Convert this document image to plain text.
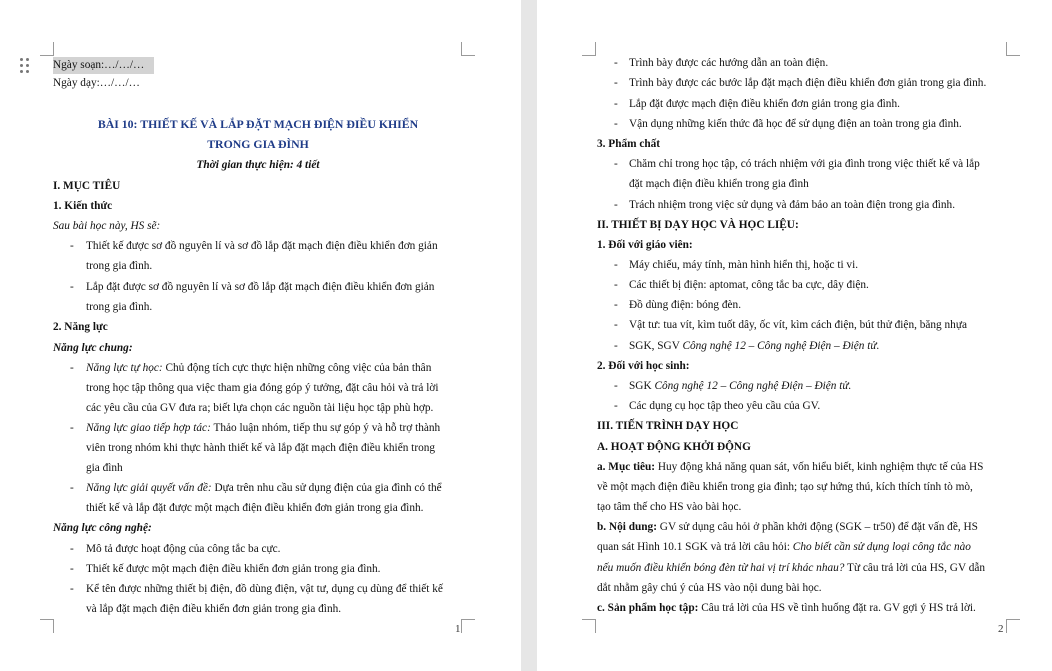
Ngày soạn:…/…/…
Ngày dạy:…/…/…
BÀI 10: THIẾT KẾ VÀ LẮP ĐẶT MẠCH ĐIỆN ĐIỀU KHIỂN
TRONG GIA ĐÌNH
Thời gian thực hiện: 4 tiết
I. MỤC TIÊU
1. Kiến thức
Sau bài học này, HS sẽ:
- Thiết kế được sơ đồ nguyên lí và sơ đồ lắp đặt mạch điện điều khiển đơn giản
trong gia đình.
- Lắp đặt được sơ đồ nguyên lí và sơ đồ lắp đặt mạch điện điều khiển đơn giản
trong gia đình.
2. Năng lực
Năng lực chung:
- Năng lực tự học: Chủ động tích cực thực hiện những công việc của bản thân
trong học tập thông qua việc tham gia đóng góp ý tưởng, đặt câu hỏi và trả lời
các yêu cầu của GV đưa ra; biết lựa chọn các nguồn tài liệu học tập phù hợp.
- Năng lực giao tiếp hợp tác: Thảo luận nhóm, tiếp thu sự góp ý và hỗ trợ thành
viên trong nhóm khi thực hành thiết kế và lắp đặt mạch điện điều khiển trong
gia đình
- Năng lực giải quyết vấn đề: Dựa trên nhu cầu sử dụng điện của gia đình có thể
thiết kế và lắp đặt được một mạch điện điều khiển đơn giản trong gia đình.
Năng lực công nghệ:
- Mô tả được hoạt động của công tắc ba cực.
- Thiết kế được một mạch điện điều khiển đơn giản trong gia đình.
- Kể tên được những thiết bị điện, đồ dùng điện, vật tư, dụng cụ dùng để thiết kế
và lắp đặt mạch điện điều khiển đơn giản trong gia đình.
1
- Trình bày được các hướng dẫn an toàn điện.
- Trình bày được các bước lắp đặt mạch điện điều khiển đơn giản trong gia đình.
- Lắp đặt được mạch điện điều khiển đơn giản trong gia đình.
- Vận dụng những kiến thức đã học để sử dụng điện an toàn trong gia đình.
3. Phẩm chất
- Chăm chỉ trong học tập, có trách nhiệm với gia đình trong việc thiết kế và lắp
đặt mạch điện điều khiển trong gia đình
- Trách nhiệm trong việc sử dụng và đảm bảo an toàn điện trong gia đình.
II. THIẾT BỊ DẠY HỌC VÀ HỌC LIỆU:
1. Đối với giáo viên:
- Máy chiếu, máy tính, màn hình hiển thị, hoặc ti vi.
- Các thiết bị điện: aptomat, công tắc ba cực, dây điện.
- Đồ dùng điện: bóng đèn.
- Vật tư: tua vít, kìm tuốt dây, ốc vít, kìm cách điện, bút thử điện, băng nhựa
- SGK, SGV Công nghệ 12 – Công nghệ Điện – Điện tử.
2. Đối với học sinh:
- SGK Công nghệ 12 – Công nghệ Điện – Điện tử.
- Các dụng cụ học tập theo yêu cầu của GV.
III. TIẾN TRÌNH DẠY HỌC
A. HOẠT ĐỘNG KHỞI ĐỘNG
a. Mục tiêu: Huy động khả năng quan sát, vốn hiểu biết, kinh nghiệm thực tế của HS
về một mạch điện điều khiển trong gia đình; tạo sự hứng thú, kích thích tính tò mò,
tạo tâm thế cho HS vào bài học.
b. Nội dung: GV sử dụng câu hỏi ở phần khởi động (SGK – tr50) để đặt vấn đề, HS
quan sát Hình 10.1 SGK và trả lời câu hỏi: Cho biết cần sử dụng loại công tắc nào
nếu muốn điều khiển bóng đèn từ hai vị trí khác nhau? Từ câu trả lời của HS, GV dẫn
dắt nhằm gây chú ý của HS vào nội dung bài học.
c. Sản phẩm học tập: Câu trả lời của HS về tình huống đặt ra. GV gợi ý HS trả lời.
2
